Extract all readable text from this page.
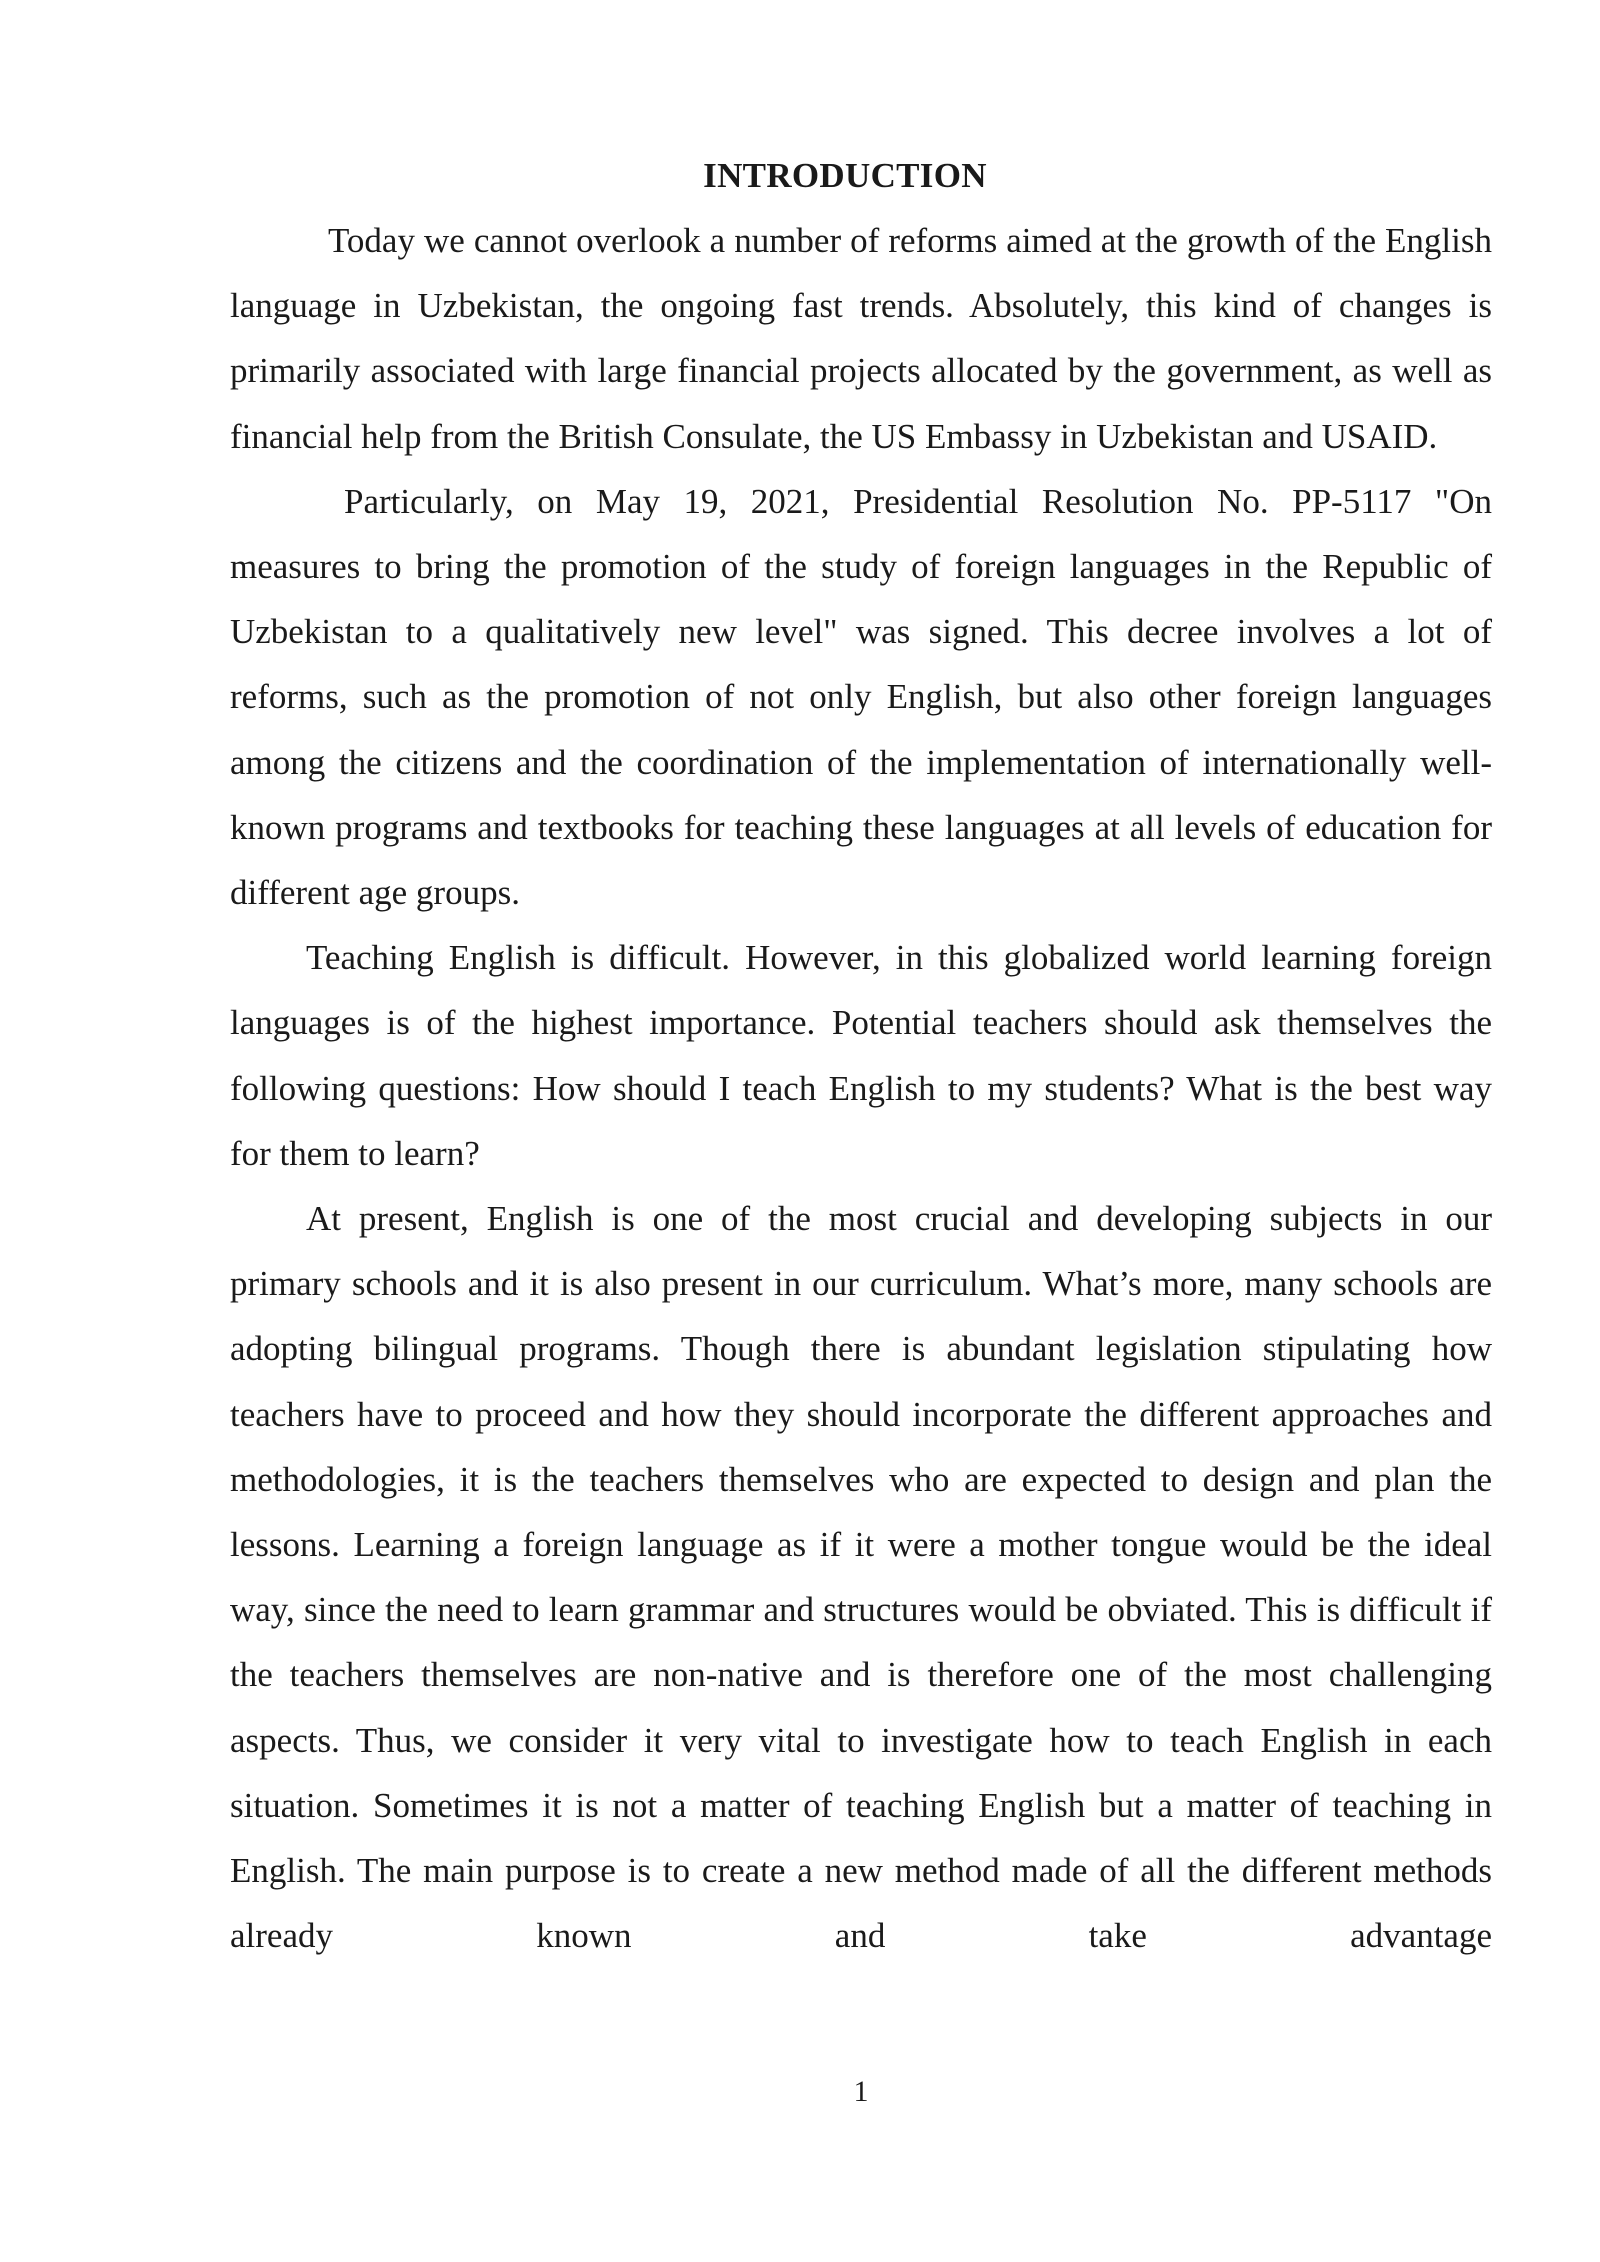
INTRODUCTION

Today we cannot overlook a number of reforms aimed at the growth of the English language in Uzbekistan, the ongoing fast trends. Absolutely, this kind of changes is primarily associated with large financial projects allocated by the government, as well as financial help from the British Consulate, the US Embassy in Uzbekistan and USAID.

Particularly, on May 19, 2021, Presidential Resolution No. PP-5117 "On measures to bring the promotion of the study of foreign languages in the Republic of Uzbekistan to a qualitatively new level" was signed. This decree involves a lot of reforms, such as the promotion of not only English, but also other foreign languages among the citizens and the coordination of the implementation of internationally well-known programs and textbooks for teaching these languages at all levels of education for different age groups.

Teaching English is difficult. However, in this globalized world learning foreign languages is of the highest importance. Potential teachers should ask themselves the following questions: How should I teach English to my students? What is the best way for them to learn?

At present, English is one of the most crucial and developing subjects in our primary schools and it is also present in our curriculum. What’s more, many schools are adopting bilingual programs. Though there is abundant legislation stipulating how teachers have to proceed and how they should incorporate the different approaches and methodologies, it is the teachers themselves who are expected to design and plan the lessons. Learning a foreign language as if it were a mother tongue would be the ideal way, since the need to learn grammar and structures would be obviated. This is difficult if the teachers themselves are non-native and is therefore one of the most challenging aspects. Thus, we consider it very vital to investigate how to teach English in each situation. Sometimes it is not a matter of teaching English but a matter of teaching in English. The main purpose is to create a new method made of all the different methods already known and take advantage

1
